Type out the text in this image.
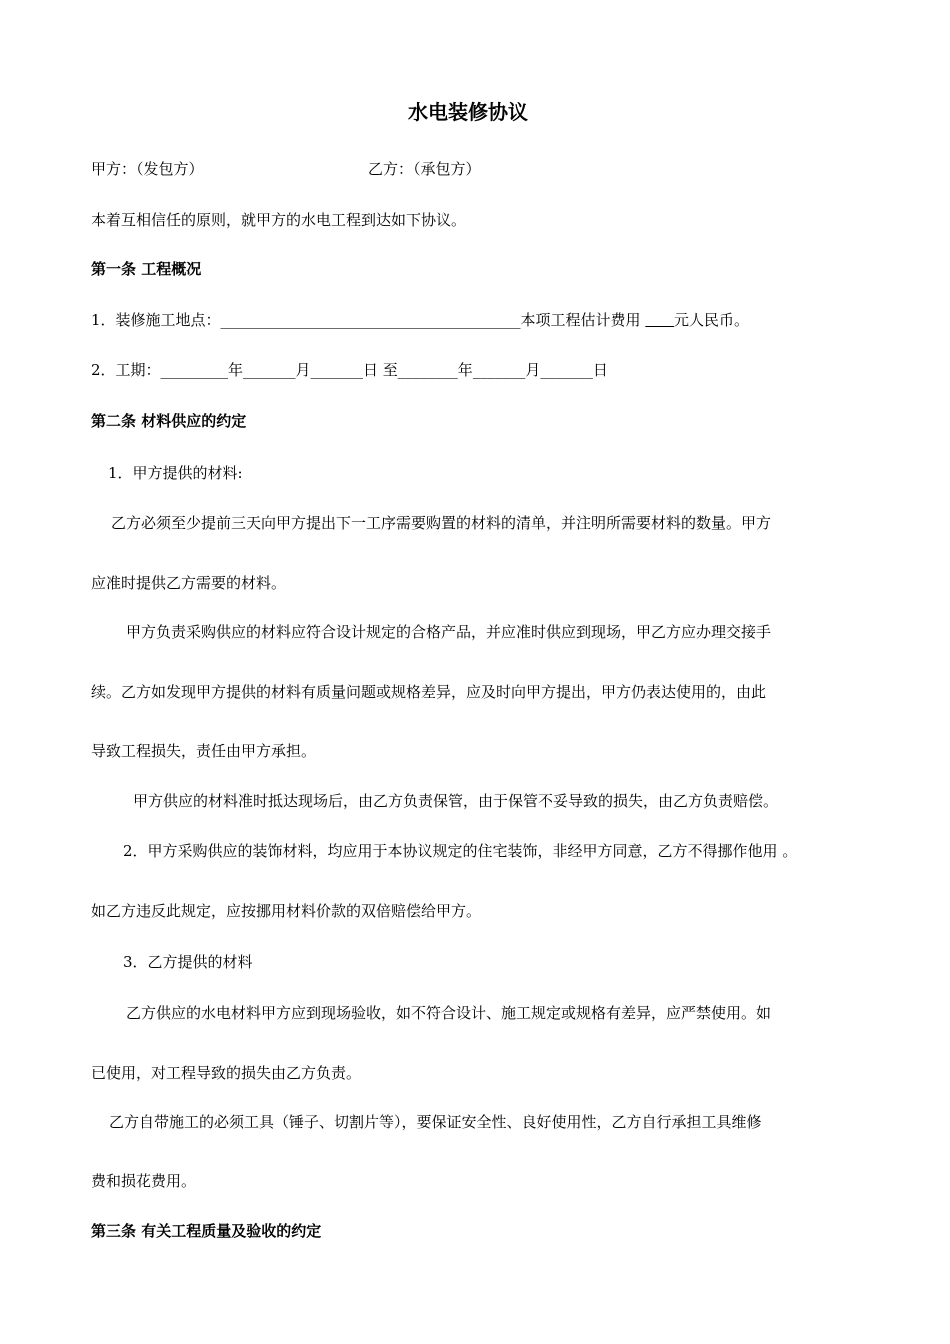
水电装修协议
甲方：（发包方）	乙方：（承包方）
本着互相信任的原则，就甲方的水电工程到达如下协议。
第一条 工程概况
1．装修施工地点：________________________________________本项工程估计费用       元人民币。
2．工期：_________年_______月_______日 至________年_______月_______日
第二条 材料供应的约定
1．甲方提供的材料:
乙方必须至少提前三天向甲方提出下一工序需要购置的材料的清单，并注明所需要材料的数量。甲方
应准时提供乙方需要的材料。
甲方负责采购供应的材料应符合设计规定的合格产品，并应准时供应到现场，甲乙方应办理交接手
续。乙方如发现甲方提供的材料有质量问题或规格差异，应及时向甲方提出，甲方仍表达使用的，由此
导致工程损失，责任由甲方承担。
甲方供应的材料准时抵达现场后，由乙方负责保管，由于保管不妥导致的损失，由乙方负责赔偿。
2．甲方采购供应的装饰材料，均应用于本协议规定的住宅装饰，非经甲方同意，乙方不得挪作他用 。
如乙方违反此规定，应按挪用材料价款的双倍赔偿给甲方。
3．乙方提供的材料
乙方供应的水电材料甲方应到现场验收，如不符合设计、施工规定或规格有差异，应严禁使用。如
已使用，对工程导致的损失由乙方负责。
乙方自带施工的必须工具（锤子、切割片等），要保证安全性、良好使用性，乙方自行承担工具维修
费和损花费用。
第三条 有关工程质量及验收的约定
